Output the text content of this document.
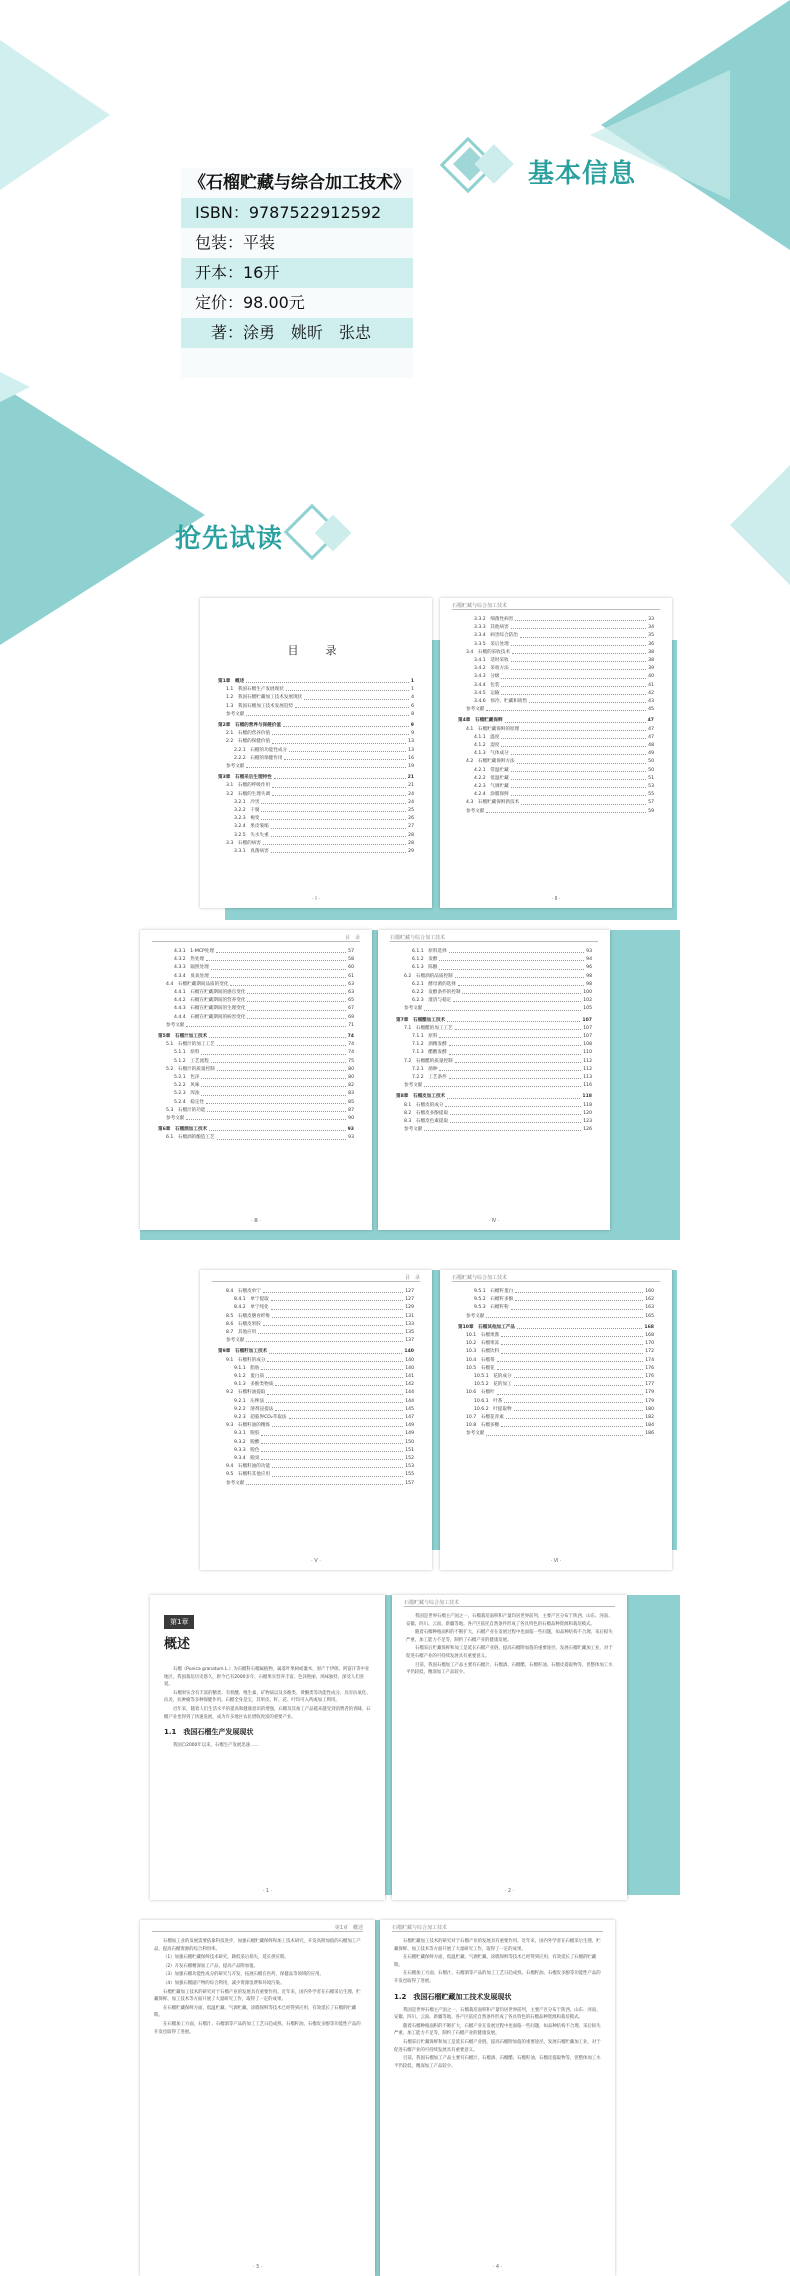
基本信息
《石榴贮藏与综合加工技术》
ISBN：9787522912592
包装：平装
开本：16开
定价：98.00元
著：涂勇　姚昕　张忠
抢先试读
目　录
第1章　概述	1
1.1　我国石榴生产发展现状	1
1.2　我国石榴贮藏加工技术发展现状	4
1.3　我国石榴加工技术发展趋势	6
参考文献	8
第2章　石榴的营养与保健价值	9
2.1　石榴的营养价值	9
2.2　石榴的保健价值	13
2.2.1　石榴的功能性成分	13
2.2.2　石榴的保健作用	16
参考文献	19
第3章　石榴采后生理特性	21
3.1　石榴的呼吸作用	21
3.2　石榴的生理失调	24
3.2.1　冷害	24
3.2.2　干腐	25
3.2.3　褐变	26
3.2.4　果皮皱缩	27
3.2.5　失水失重	28
3.3　石榴的病害	28
3.3.1　真菌病害	29
· Ⅰ ·
石榴贮藏与综合加工技术
3.3.2　细菌性病害	33
3.3.3　其他病害	34
3.3.4　病害综合防治	35
3.3.5　采后处理	36
3.4　石榴的采收技术	38
3.4.1　适时采收	38
3.4.2　采收方法	39
3.4.3　分级	40
3.4.4　包装	41
3.4.5　运输	42
3.4.6　预冷、贮藏和销售	43
参考文献	45
第4章　石榴贮藏保鲜	47
4.1　石榴贮藏保鲜的原理	47
4.1.1　温度	47
4.1.2　湿度	48
4.1.3　气体成分	49
4.2　石榴贮藏保鲜方法	50
4.2.1　常温贮藏	50
4.2.2　低温贮藏	51
4.2.3　气调贮藏	53
4.2.4　涂膜保鲜	55
4.3　石榴贮藏保鲜新技术	57
参考文献	59
· Ⅱ ·
目　录
4.3.1　1-MCP处理	57
4.3.2　热处理	58
4.3.3　辐照处理	60
4.3.4　臭氧处理	61
4.4　石榴贮藏期间品质的变化	63
4.4.1　石榴在贮藏期间的感官变化	63
4.4.2　石榴在贮藏期间的营养变化	65
4.4.3　石榴在贮藏期间的生理变化	67
4.4.4　石榴在贮藏期间的病害变化	69
参考文献	71
第5章　石榴汁加工技术	74
5.1　石榴汁的加工工艺	74
5.1.1　原料	74
5.1.2　工艺流程	75
5.2　石榴汁的质量控制	80
5.2.1　色泽	80
5.2.2　风味	82
5.2.3　浑浊	83
5.2.4　稳定性	85
5.3　石榴汁的功能	87
参考文献	90
第6章　石榴酒加工技术	93
6.1　石榴酒的酿造工艺	93
· Ⅲ ·
石榴贮藏与综合加工技术
6.1.1　原料选择	93
6.1.2　发酵	94
6.1.3　陈酿	96
6.2　石榴酒的品质控制	98
6.2.1　酵母菌的选择	98
6.2.2　发酵条件的控制	100
6.2.3　澄清与稳定	102
参考文献	105
第7章　石榴醋加工技术	107
7.1　石榴醋的加工工艺	107
7.1.1　原料	107
7.1.2　酒精发酵	108
7.1.3　醋酸发酵	110
7.2　石榴醋的质量控制	112
7.2.1　菌种	112
7.2.2　工艺条件	113
参考文献	116
第8章　石榴皮加工技术	118
8.1　石榴皮的成分	118
8.2　石榴皮多酚提取	120
8.3　石榴皮色素提取	123
参考文献	126
· Ⅳ ·
目　录
8.4　石榴皮单宁	127
8.4.1　单宁提取	127
8.4.2　单宁纯化	129
8.5　石榴皮膳食纤维	131
8.6　石榴皮果胶	133
8.7　其他应用	135
参考文献	137
第9章　石榴籽加工技术	140
9.1　石榴籽的成分	140
9.1.1　脂肪	140
9.1.2　蛋白质	141
9.1.3　多酚类物质	142
9.2　石榴籽油提取	144
9.2.1　压榨法	144
9.2.2　溶剂浸提法	145
9.2.3　超临界CO₂萃取法	147
9.3　石榴籽油的精炼	149
9.3.1　脱胶	149
9.3.2　脱酸	150
9.3.3　脱色	151
9.3.4　脱臭	152
9.4　石榴籽油的功能	153
9.5　石榴籽其他应用	155
参考文献	157
· Ⅴ ·
石榴贮藏与综合加工技术
9.5.1　石榴籽蛋白	160
9.5.2　石榴籽多酚	162
9.5.3　石榴籽粉	163
参考文献	165
第10章　石榴其他加工产品	168
10.1　石榴果酱	168
10.2　石榴果冻	170
10.3　石榴饮料	172
10.4　石榴茶	174
10.5　石榴花	176
10.5.1　花的成分	176
10.5.2　花的加工	177
10.6　石榴叶	179
10.6.1　叶茶	179
10.6.2　叶提取物	180
10.7　石榴花青素	182
10.8　石榴多糖	184
参考文献	186
· Ⅵ ·
第1章
概述

石榴（Punica granatum L.）为石榴科石榴属植物，属落叶果树或灌木，原产于伊朗、阿富汗等中亚地区，我国栽培历史悠久，距今已有2000多年，石榴果实营养丰富，色泽艳丽，风味独特，深受人们喜爱。

石榴果实含有丰富的糖类、有机酸、维生素、矿物质以及多酚类、黄酮类等功能性成分，具有抗氧化、抗炎、抗肿瘤等多种保健作用。石榴全身是宝，其果皮、籽、花、叶均可入药或加工利用。

近年来，随着人们生活水平的提高和健康意识的增强，石榴及其加工产品越来越受到消费者的青睐，石榴产业也得到了快速发展，成为许多地区农民增收致富的重要产业。

1.1　我国石榴生产发展现状

我国自2000年以来，石榴生产发展迅速……

· 1 ·
石榴贮藏与综合加工技术

我国是世界石榴主产国之一，石榴栽培面积和产量均居世界前列，主要产区分布于陕西、山东、河南、安徽、四川、云南、新疆等地。各产区依托自然条件形成了各具特色的石榴品种资源和栽培模式。

随着石榴种植面积的不断扩大，石榴产业在发展过程中也面临一些问题，如品种结构不合理、采后损失严重、加工能力不足等，制约了石榴产业的健康发展。

石榴采后贮藏保鲜和加工是延长石榴产业链、提高石榴附加值的重要途径。发展石榴贮藏加工业，对于促进石榴产业的可持续发展具有重要意义。

目前，我国石榴加工产品主要有石榴汁、石榴酒、石榴醋、石榴籽油、石榴皮提取物等，但整体加工水平仍较低，精深加工产品较少。

· 2 ·
第1章　概述

石榴加工业的发展需要依靠科技进步，加强石榴贮藏保鲜和加工技术研究，开发高附加值的石榴加工产品，提高石榴资源的综合利用率。

（1）加强石榴贮藏保鲜技术研究，降低采后损失，延长供应期。

（2）开发石榴精深加工产品，提高产品附加值。

（3）加强石榴功能性成分的研究与开发，拓展石榴在医药、保健品等领域的应用。

（4）加强石榴副产物的综合利用，减少资源浪费和环境污染。

石榴贮藏加工技术的研究对于石榴产业的发展具有重要作用。近年来，国内外学者在石榴采后生理、贮藏保鲜、加工技术等方面开展了大量研究工作，取得了一定的成果。

在石榴贮藏保鲜方面，低温贮藏、气调贮藏、涂膜保鲜等技术已经得到应用，有效延长了石榴的贮藏期。

在石榴加工方面，石榴汁、石榴酒等产品的加工工艺日趋成熟，石榴籽油、石榴皮多酚等功能性产品的开发也取得了进展。

· 3 ·
石榴贮藏与综合加工技术

石榴贮藏加工技术的研究对于石榴产业的发展具有重要作用。近年来，国内外学者在石榴采后生理、贮藏保鲜、加工技术等方面开展了大量研究工作，取得了一定的成果。

在石榴贮藏保鲜方面，低温贮藏、气调贮藏、涂膜保鲜等技术已经得到应用，有效延长了石榴的贮藏期。

在石榴加工方面，石榴汁、石榴酒等产品的加工工艺日趋成熟，石榴籽油、石榴皮多酚等功能性产品的开发也取得了进展。

1.2　我国石榴贮藏加工技术发展现状

我国是世界石榴主产国之一，石榴栽培面积和产量均居世界前列，主要产区分布于陕西、山东、河南、安徽、四川、云南、新疆等地。各产区依托自然条件形成了各具特色的石榴品种资源和栽培模式。

随着石榴种植面积的不断扩大，石榴产业在发展过程中也面临一些问题，如品种结构不合理、采后损失严重、加工能力不足等，制约了石榴产业的健康发展。

石榴采后贮藏保鲜和加工是延长石榴产业链、提高石榴附加值的重要途径。发展石榴贮藏加工业，对于促进石榴产业的可持续发展具有重要意义。

目前，我国石榴加工产品主要有石榴汁、石榴酒、石榴醋、石榴籽油、石榴皮提取物等，但整体加工水平仍较低，精深加工产品较少。

· 4 ·
